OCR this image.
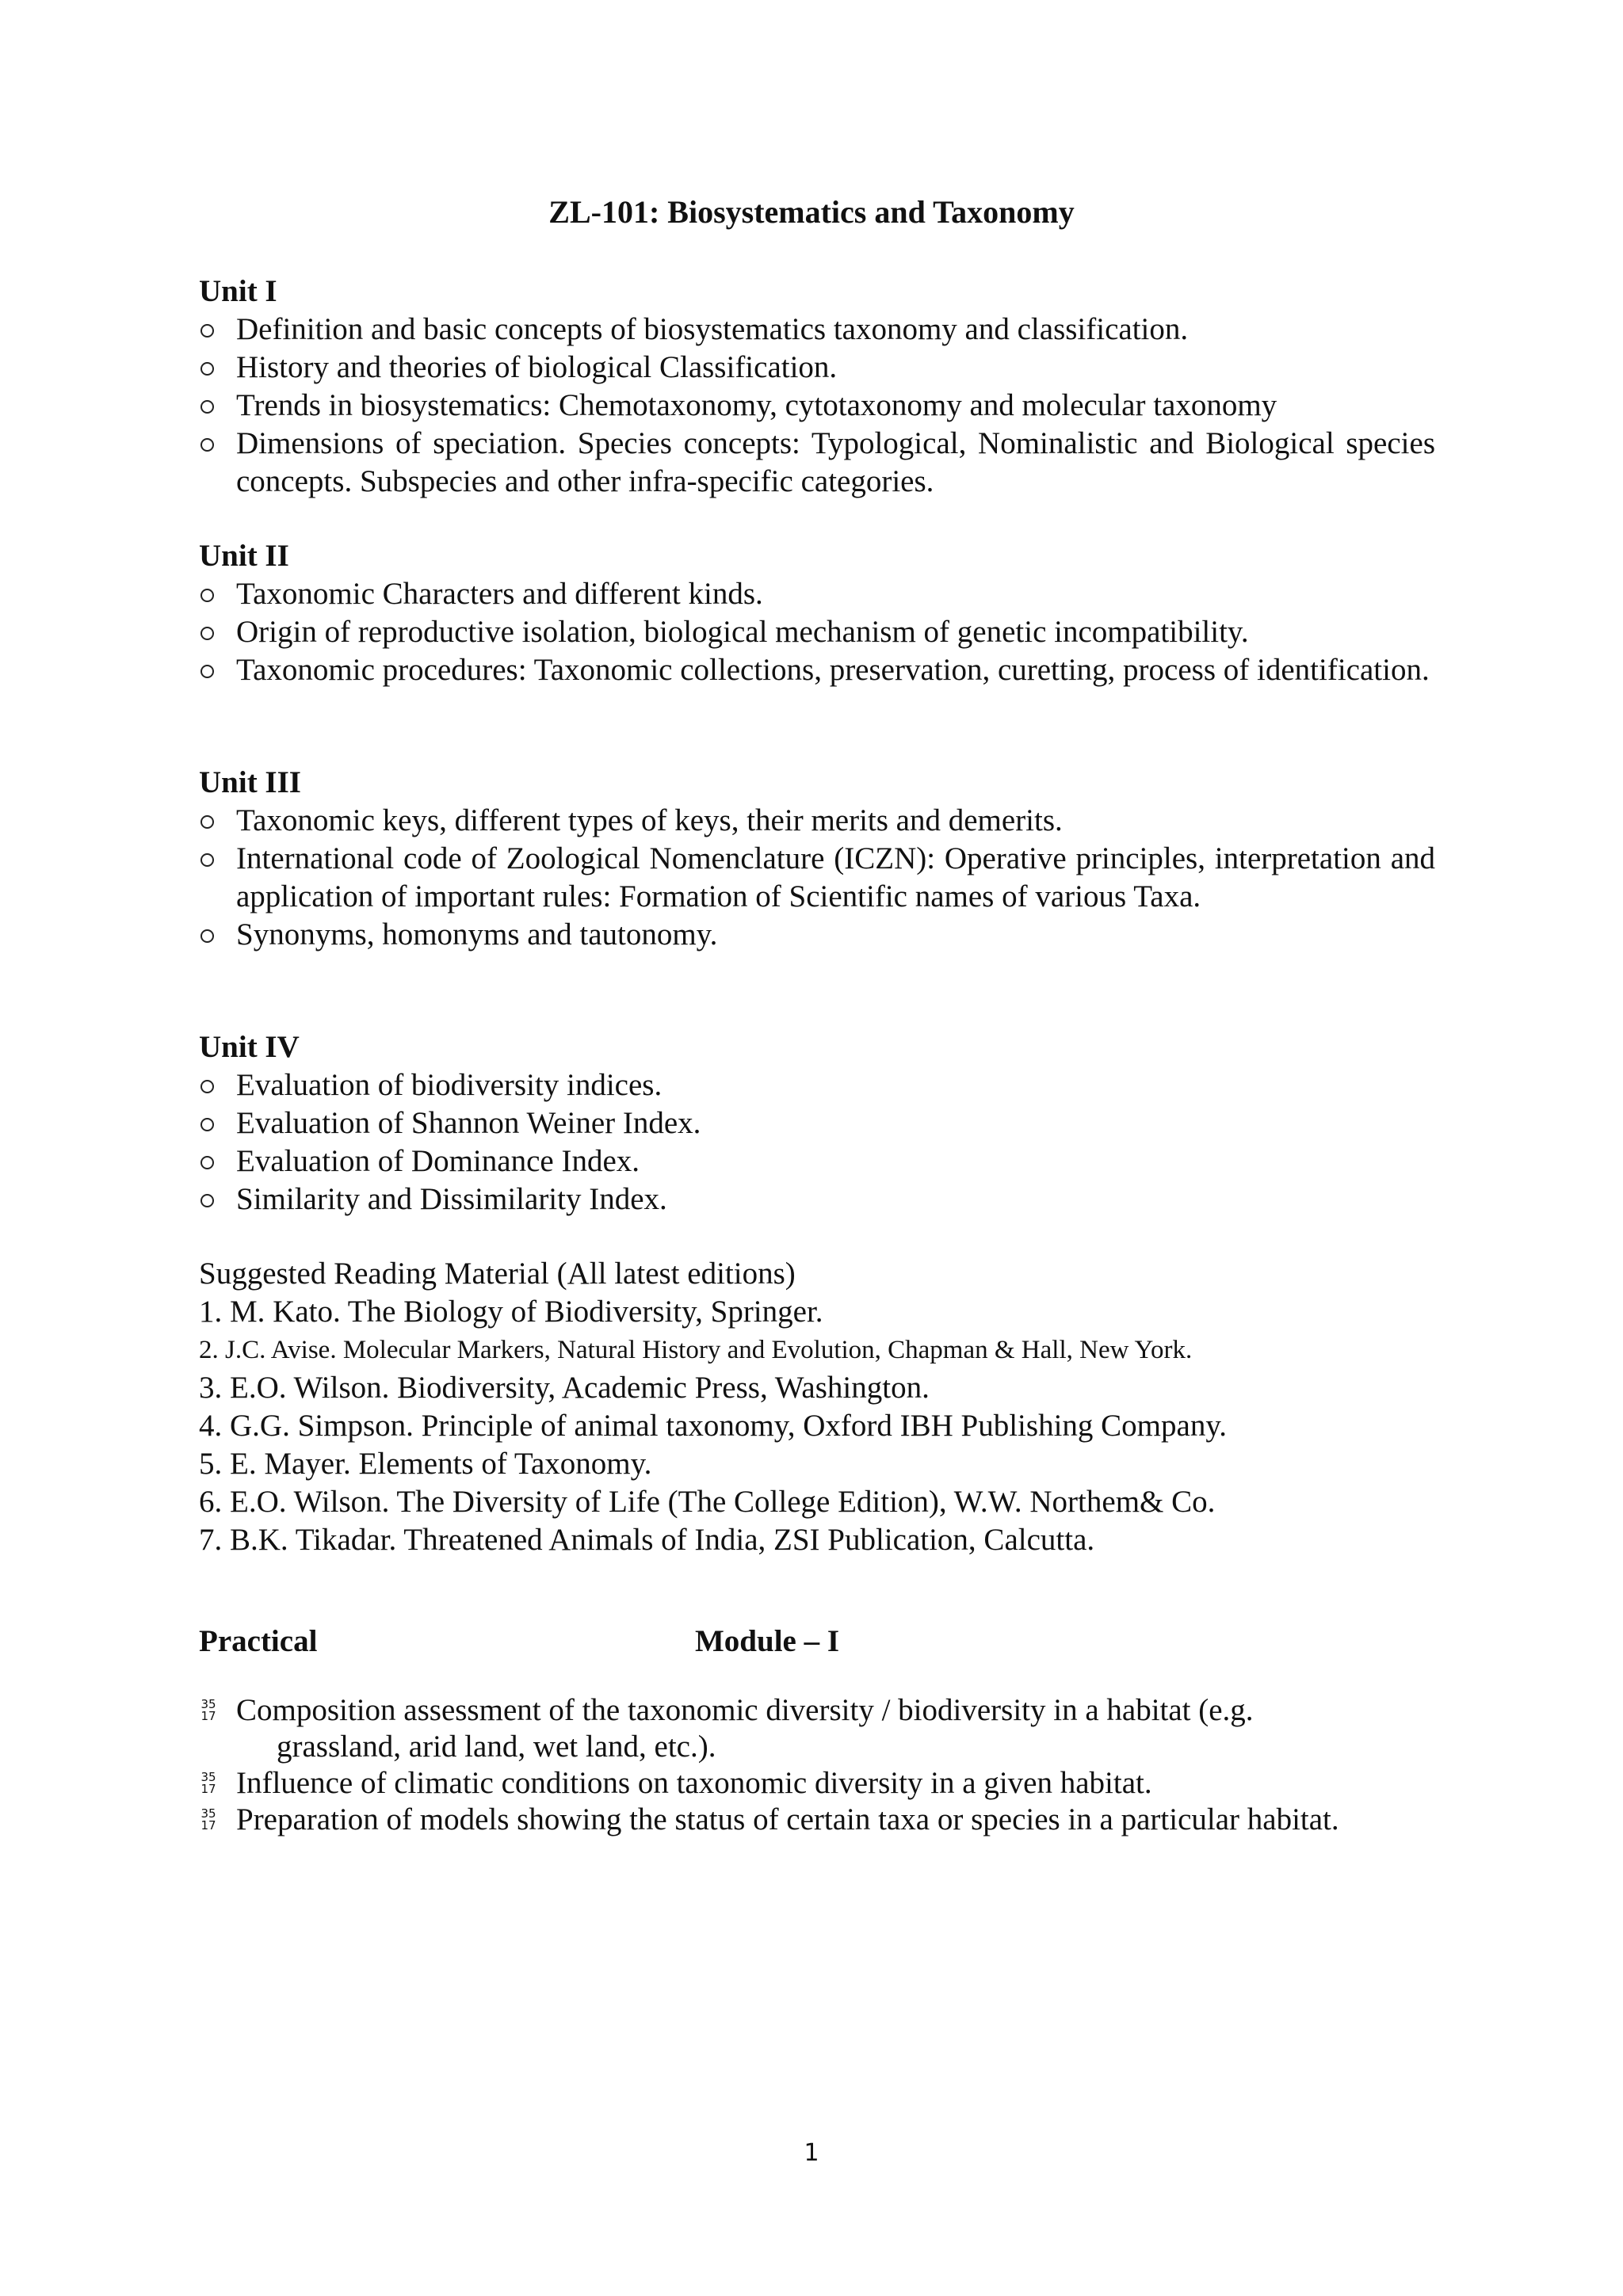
ZL-101: Biosystematics and Taxonomy
Unit I
Definition and basic concepts of biosystematics taxonomy and classification.
History and theories of biological Classification.
Trends in biosystematics: Chemotaxonomy, cytotaxonomy and molecular taxonomy
Dimensions of speciation. Species concepts: Typological, Nominalistic and Biological species concepts. Subspecies and other infra-specific categories.
Unit II
Taxonomic Characters and different kinds.
Origin of reproductive isolation, biological mechanism of genetic incompatibility.
Taxonomic procedures: Taxonomic collections, preservation, curetting, process of identification.
Unit III
Taxonomic keys, different types of keys, their merits and demerits.
International code of Zoological Nomenclature (ICZN): Operative principles, interpretation and application of important rules: Formation of Scientific names of various Taxa.
Synonyms, homonyms and tautonomy.
Unit IV
Evaluation of biodiversity indices.
Evaluation of Shannon Weiner Index.
Evaluation of Dominance Index.
Similarity and Dissimilarity Index.
Suggested Reading Material (All latest editions)
1. M. Kato. The Biology of Biodiversity, Springer.
2. J.C. Avise. Molecular Markers, Natural History and Evolution, Chapman & Hall, New York.
3. E.O. Wilson. Biodiversity, Academic Press, Washington.
4. G.G. Simpson. Principle of animal taxonomy, Oxford IBH Publishing Company.
5. E. Mayer. Elements of Taxonomy.
6. E.O. Wilson. The Diversity of Life (The College Edition), W.W. Northem& Co.
7. B.K. Tikadar. Threatened Animals of India, ZSI Publication, Calcutta.
Practical	Module – I
35
17 Composition assessment of the taxonomic diversity / biodiversity in a habitat (e.g.
grassland, arid land, wet land, etc.).
35
17 Influence of climatic conditions on taxonomic diversity in a given habitat.
35
17 Preparation of models showing the status of certain taxa or species in a particular habitat.
1
